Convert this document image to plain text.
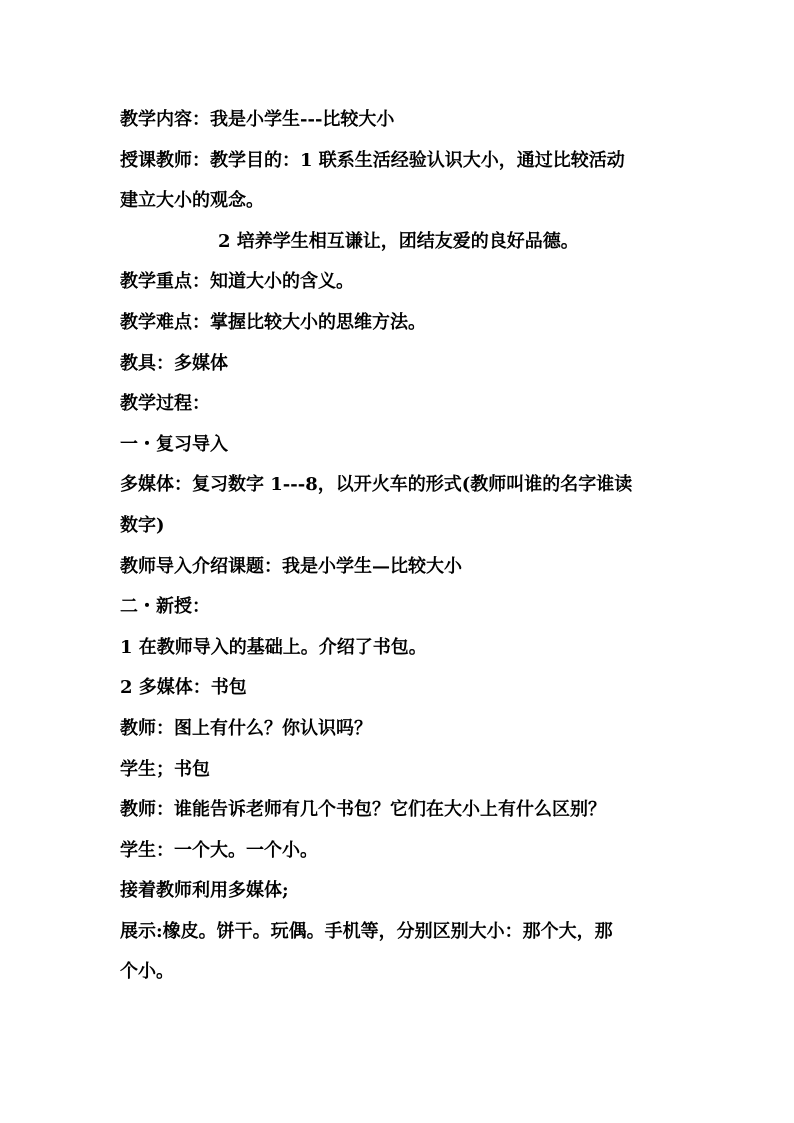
教学内容：我是小学生---比较大小
授课教师：教学目的：1 联系生活经验认识大小，通过比较活动
建立大小的观念。
2 培养学生相互谦让，团结友爱的良好品德。
教学重点：知道大小的含义。
教学难点：掌握比较大小的思维方法。
教具：多媒体
教学过程：
一・复习导入
多媒体：复习数字 1---8，以开火车的形式(教师叫谁的名字谁读
数字)
教师导入介绍课题：我是小学生—比较大小
二・新授：
1 在教师导入的基础上。介绍了书包。
2 多媒体：书包
教师：图上有什么？你认识吗？
学生；书包
教师：谁能告诉老师有几个书包？它们在大小上有什么区别？
学生：一个大。一个小。
接着教师利用多媒体;
展示:橡皮。饼干。玩偶。手机等，分别区别大小：那个大，那
个小。
